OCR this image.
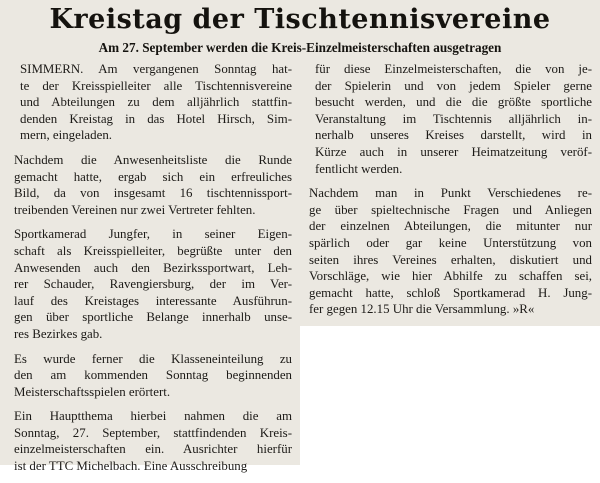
Kreistag der Tischtennisvereine
Am 27. September werden die Kreis-Einzelmeisterschaften ausgetragen
SIMMERN. Am vergangenen Sonntag hat-
te der Kreisspielleiter alle Tischtennisvereine
und Abteilungen zu dem alljährlich stattfin-
denden Kreistag in das Hotel Hirsch, Sim-
mern, eingeladen.
Nachdem die Anwesenheitsliste die Runde
gemacht hatte, ergab sich ein erfreuliches
Bild, da von insgesamt 16 tischtennissport-
treibenden Vereinen nur zwei Vertreter fehlten.
Sportkamerad Jungfer, in seiner Eigen-
schaft als Kreisspielleiter, begrüßte unter den
Anwesenden auch den Bezirkssportwart, Leh-
rer Schauder, Ravengiersburg, der im Ver-
lauf des Kreistages interessante Ausführun-
gen über sportliche Belange innerhalb unse-
res Bezirkes gab.
Es wurde ferner die Klasseneinteilung zu
den am kommenden Sonntag beginnenden
Meisterschaftsspielen erörtert.
Ein Hauptthema hierbei nahmen die am
Sonntag, 27. September, stattfindenden Kreis-
einzelmeisterschaften ein. Ausrichter hierfür
ist der TTC Michelbach. Eine Ausschreibung
für diese Einzelmeisterschaften, die von je-
der Spielerin und von jedem Spieler gerne
besucht werden, und die die größte sportliche
Veranstaltung im Tischtennis alljährlich in-
nerhalb unseres Kreises darstellt, wird in
Kürze auch in unserer Heimatzeitung veröf-
fentlicht werden.
Nachdem man in Punkt Verschiedenes re-
ge über spieltechnische Fragen und Anliegen
der einzelnen Abteilungen, die mitunter nur
spärlich oder gar keine Unterstützung von
seiten ihres Vereines erhalten, diskutiert und
Vorschläge, wie hier Abhilfe zu schaffen sei,
gemacht hatte, schloß Sportkamerad H. Jung-
fer gegen 12.15 Uhr die Versammlung. »R«
